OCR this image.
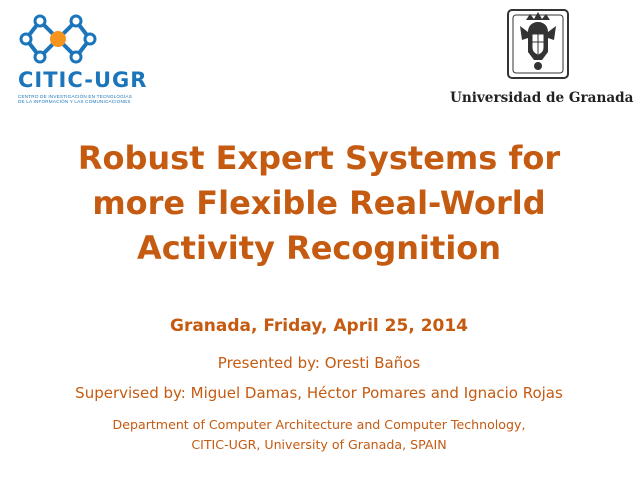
CITIC-UGR
CENTRO DE INVESTIGACIÓN EN TECNOLOGÍAS
DE LA INFORMACIÓN Y LAS COMUNICACIONES	Universidad de Granada
Robust Expert Systems for
more Flexible Real-World
Activity Recognition
Granada, Friday, April 25, 2014
Presented by: Oresti Baños
Supervised by: Miguel Damas, Héctor Pomares and Ignacio Rojas
Department of Computer Architecture and Computer Technology,
CITIC-UGR, University of Granada, SPAIN
